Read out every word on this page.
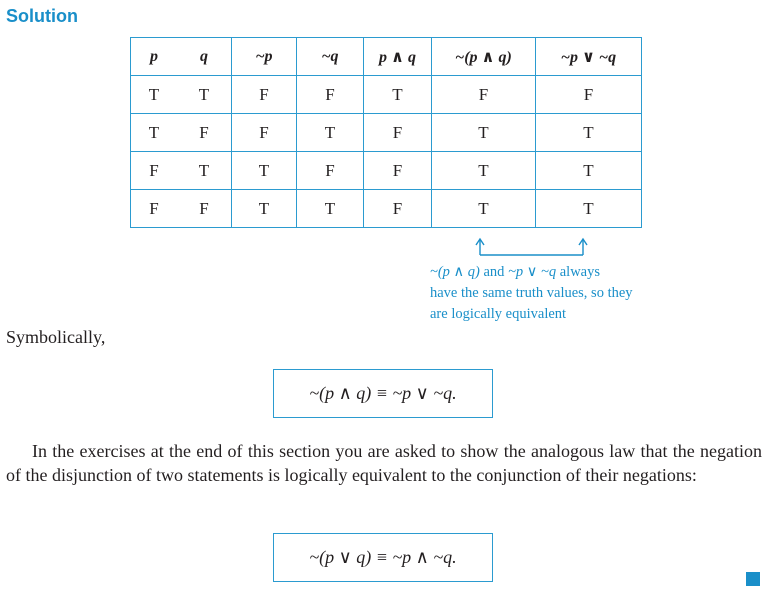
Solution
p	q	~p	~q	p ∧ q	~(p ∧ q)	~p ∨ ~q
T	T	F	F	T	F	F
T	F	F	T	F	T	T
F	T	T	F	F	T	T
F	F	T	T	F	T	T
~(p ∧ q) and ~p ∨ ~q always
have the same truth values, so they
are logically equivalent
Symbolically,
~(p ∧ q) ≡ ~p ∨ ~q.
In the exercises at the end of this section you are asked to show the analogous law that the negation of the disjunction of two statements is logically equivalent to the conjunction of their negations:
~(p ∨ q) ≡ ~p ∧ ~q.
